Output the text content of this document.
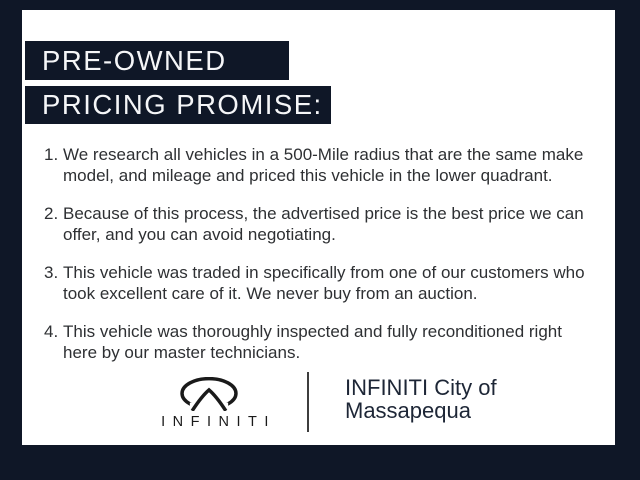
PRE-OWNED
PRICING PROMISE:
1. We research all vehicles in a 500-Mile radius that are the same make
model, and mileage and priced this vehicle in the lower quadrant.
2. Because of this process, the advertised price is the best price we can
offer, and you can avoid negotiating.
3. This vehicle was traded in specifically from one of our customers who
took excellent care of it. We never buy from an auction.
4. This vehicle was thoroughly inspected and fully reconditioned right
here by our master technicians.
INFINITI
INFINITI City of
Massapequa
